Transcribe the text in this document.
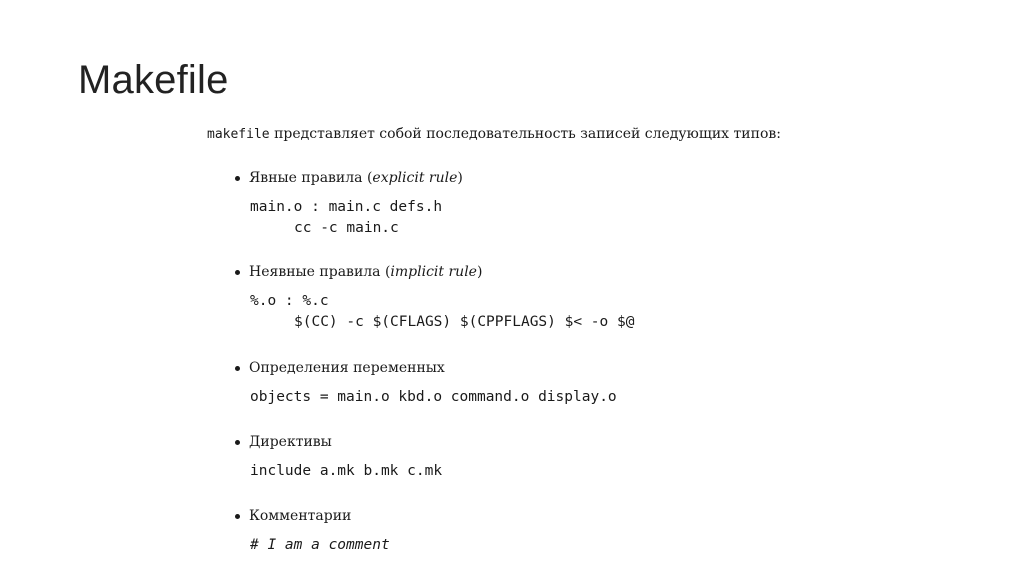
Makefile

makefile представляет собой последовательность записей следующих типов:

Явные правила ( explicit rule )
main.o : main.c defs.h
cc -c main.c
Неявные правила ( implicit rule )
%.o : %.c
$(CC) -c $(CFLAGS) $(CPPFLAGS) $< -o $@
Определения переменных
objects = main.o kbd.o command.o display.o
Директивы
include a.mk b.mk c.mk
Комментарии
# I am a comment
